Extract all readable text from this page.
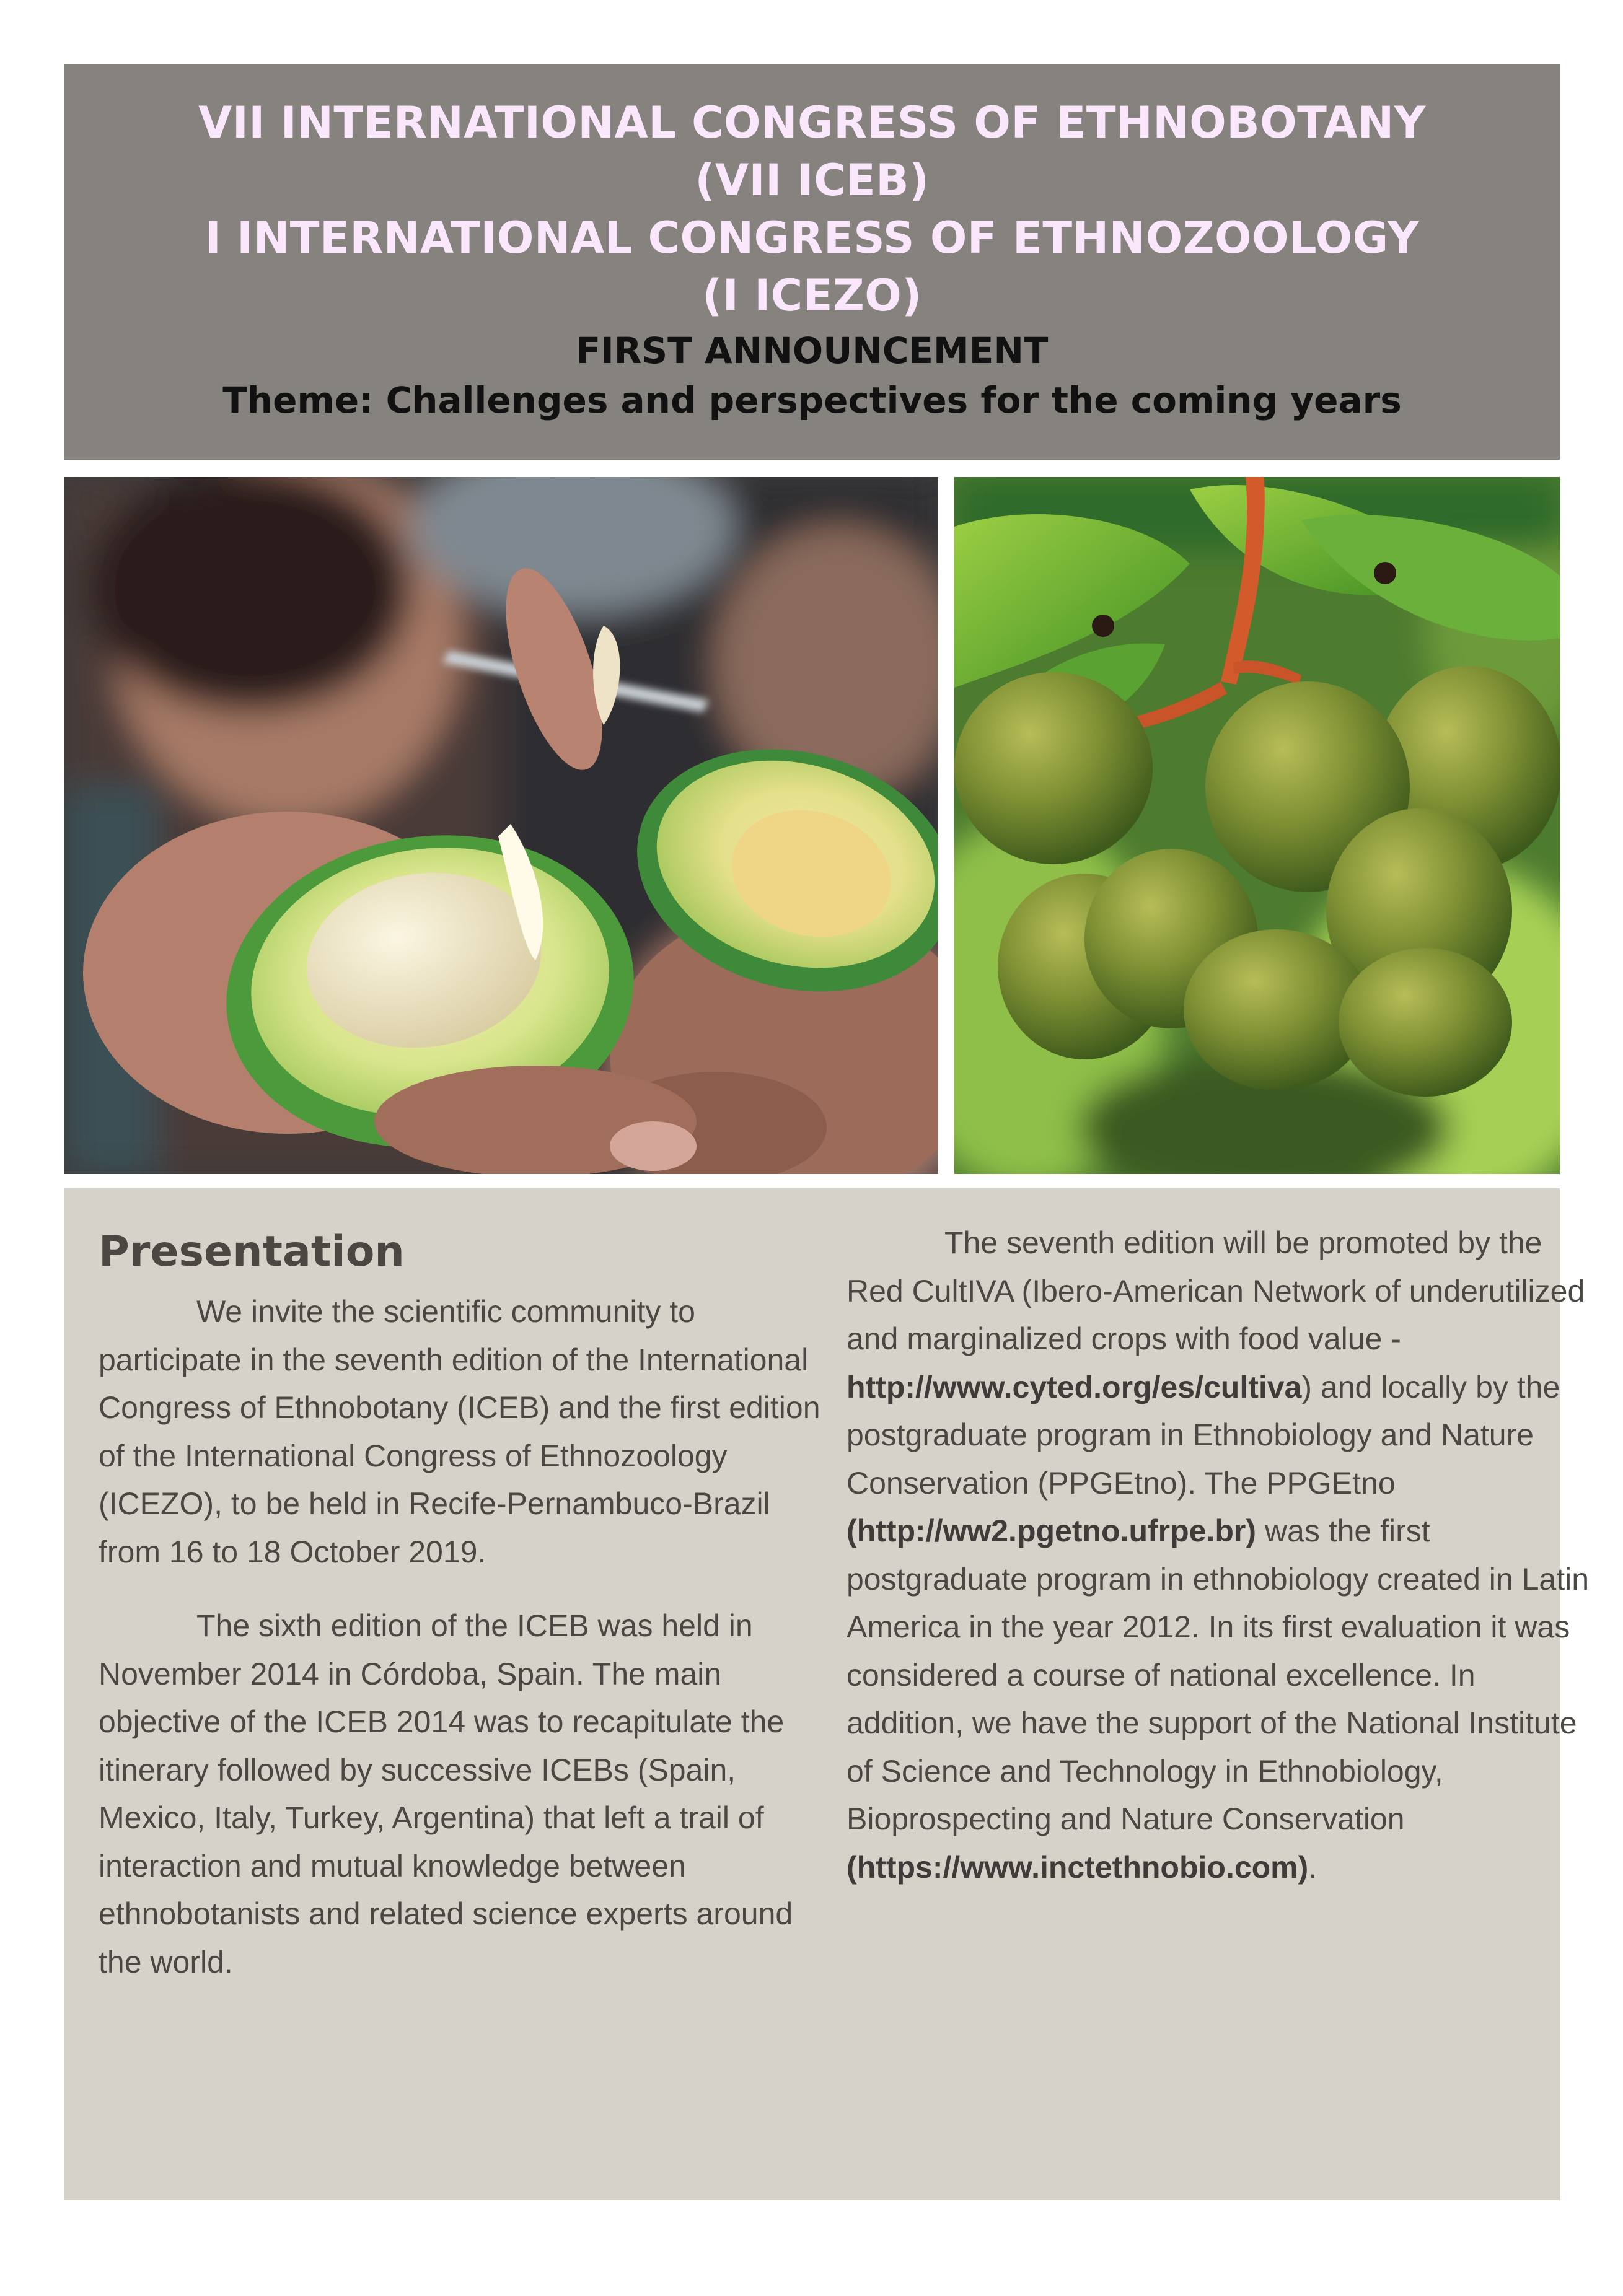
VII INTERNATIONAL CONGRESS OF ETHNOBOTANY
(VII ICEB)
I INTERNATIONAL CONGRESS OF ETHNOZOOLOGY
(I ICEZO)
FIRST ANNOUNCEMENT
Theme: Challenges and perspectives for the coming years
Presentation

We invite the scientific community to participate in the seventh edition of the International Congress of Ethnobotany (ICEB) and the first edition of the International Congress of Ethnozoology (ICEZO), to be held in Recife-Pernambuco-Brazil from 16 to 18 October 2019.

The sixth edition of the ICEB was held in November 2014 in Córdoba, Spain. The main objective of the ICEB 2014 was to recapitulate the itinerary followed by successive ICEBs (Spain, Mexico, Italy, Turkey, Argentina) that left a trail of interaction and mutual knowledge between ethnobotanists and related science experts around the world.

The seventh edition will be promoted by the Red CultIVA (Ibero-American Network of underutilized and marginalized crops with food value - http://www.cyted.org/es/cultiva) and locally by the postgraduate program in Ethnobiology and Nature Conservation (PPGEtno). The PPGEtno (http://ww2.pgetno.ufrpe.br) was the first postgraduate program in ethnobiology created in Latin America in the year 2012. In its first evaluation it was considered a course of national excellence. In addition, we have the support of the National Institute of Science and Technology in Ethnobiology, Bioprospecting and Nature Conservation (https://www.inctethnobio.com).
